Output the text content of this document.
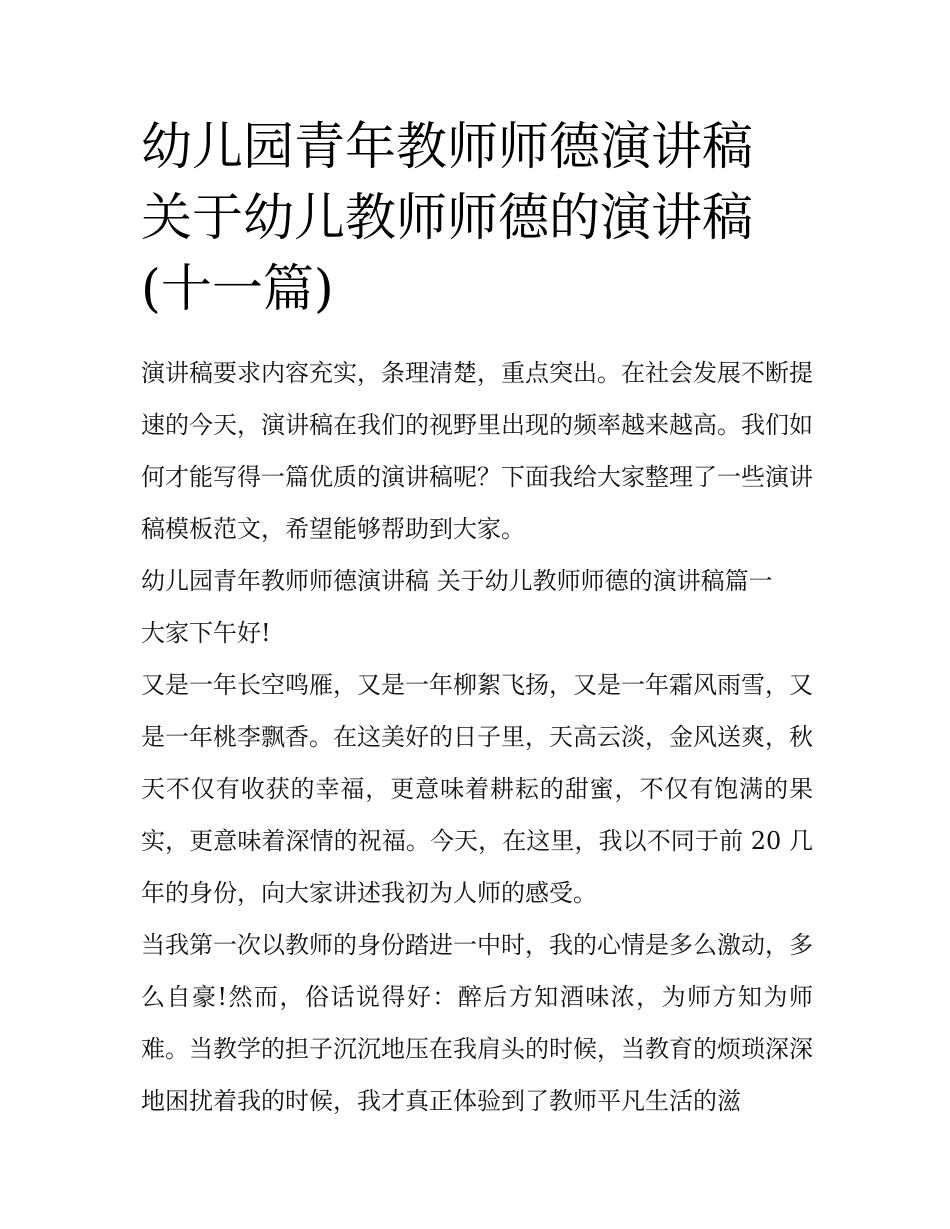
幼儿园青年教师师德演讲稿 关于幼儿教师师德的演讲稿(十一篇)

演讲稿要求内容充实，条理清楚，重点突出。在社会发展不断提速的今天，演讲稿在我们的视野里出现的频率越来越高。我们如何才能写得一篇优质的演讲稿呢？下面我给大家整理了一些演讲稿模板范文，希望能够帮助到大家。

幼儿园青年教师师德演讲稿 关于幼儿教师师德的演讲稿篇一

大家下午好!

又是一年长空鸣雁，又是一年柳絮飞扬，又是一年霜风雨雪，又是一年桃李飘香。在这美好的日子里，天高云淡，金风送爽，秋天不仅有收获的幸福，更意味着耕耘的甜蜜，不仅有饱满的果实，更意味着深情的祝福。今天，在这里，我以不同于前 20 几年的身份，向大家讲述我初为人师的感受。

当我第一次以教师的身份踏进一中时，我的心情是多么激动，多么自豪!然而，俗话说得好：醉后方知酒味浓，为师方知为师难。当教学的担子沉沉地压在我肩头的时候，当教育的烦琐深深地困扰着我的时候，我才真正体验到了教师平凡生活的滋
